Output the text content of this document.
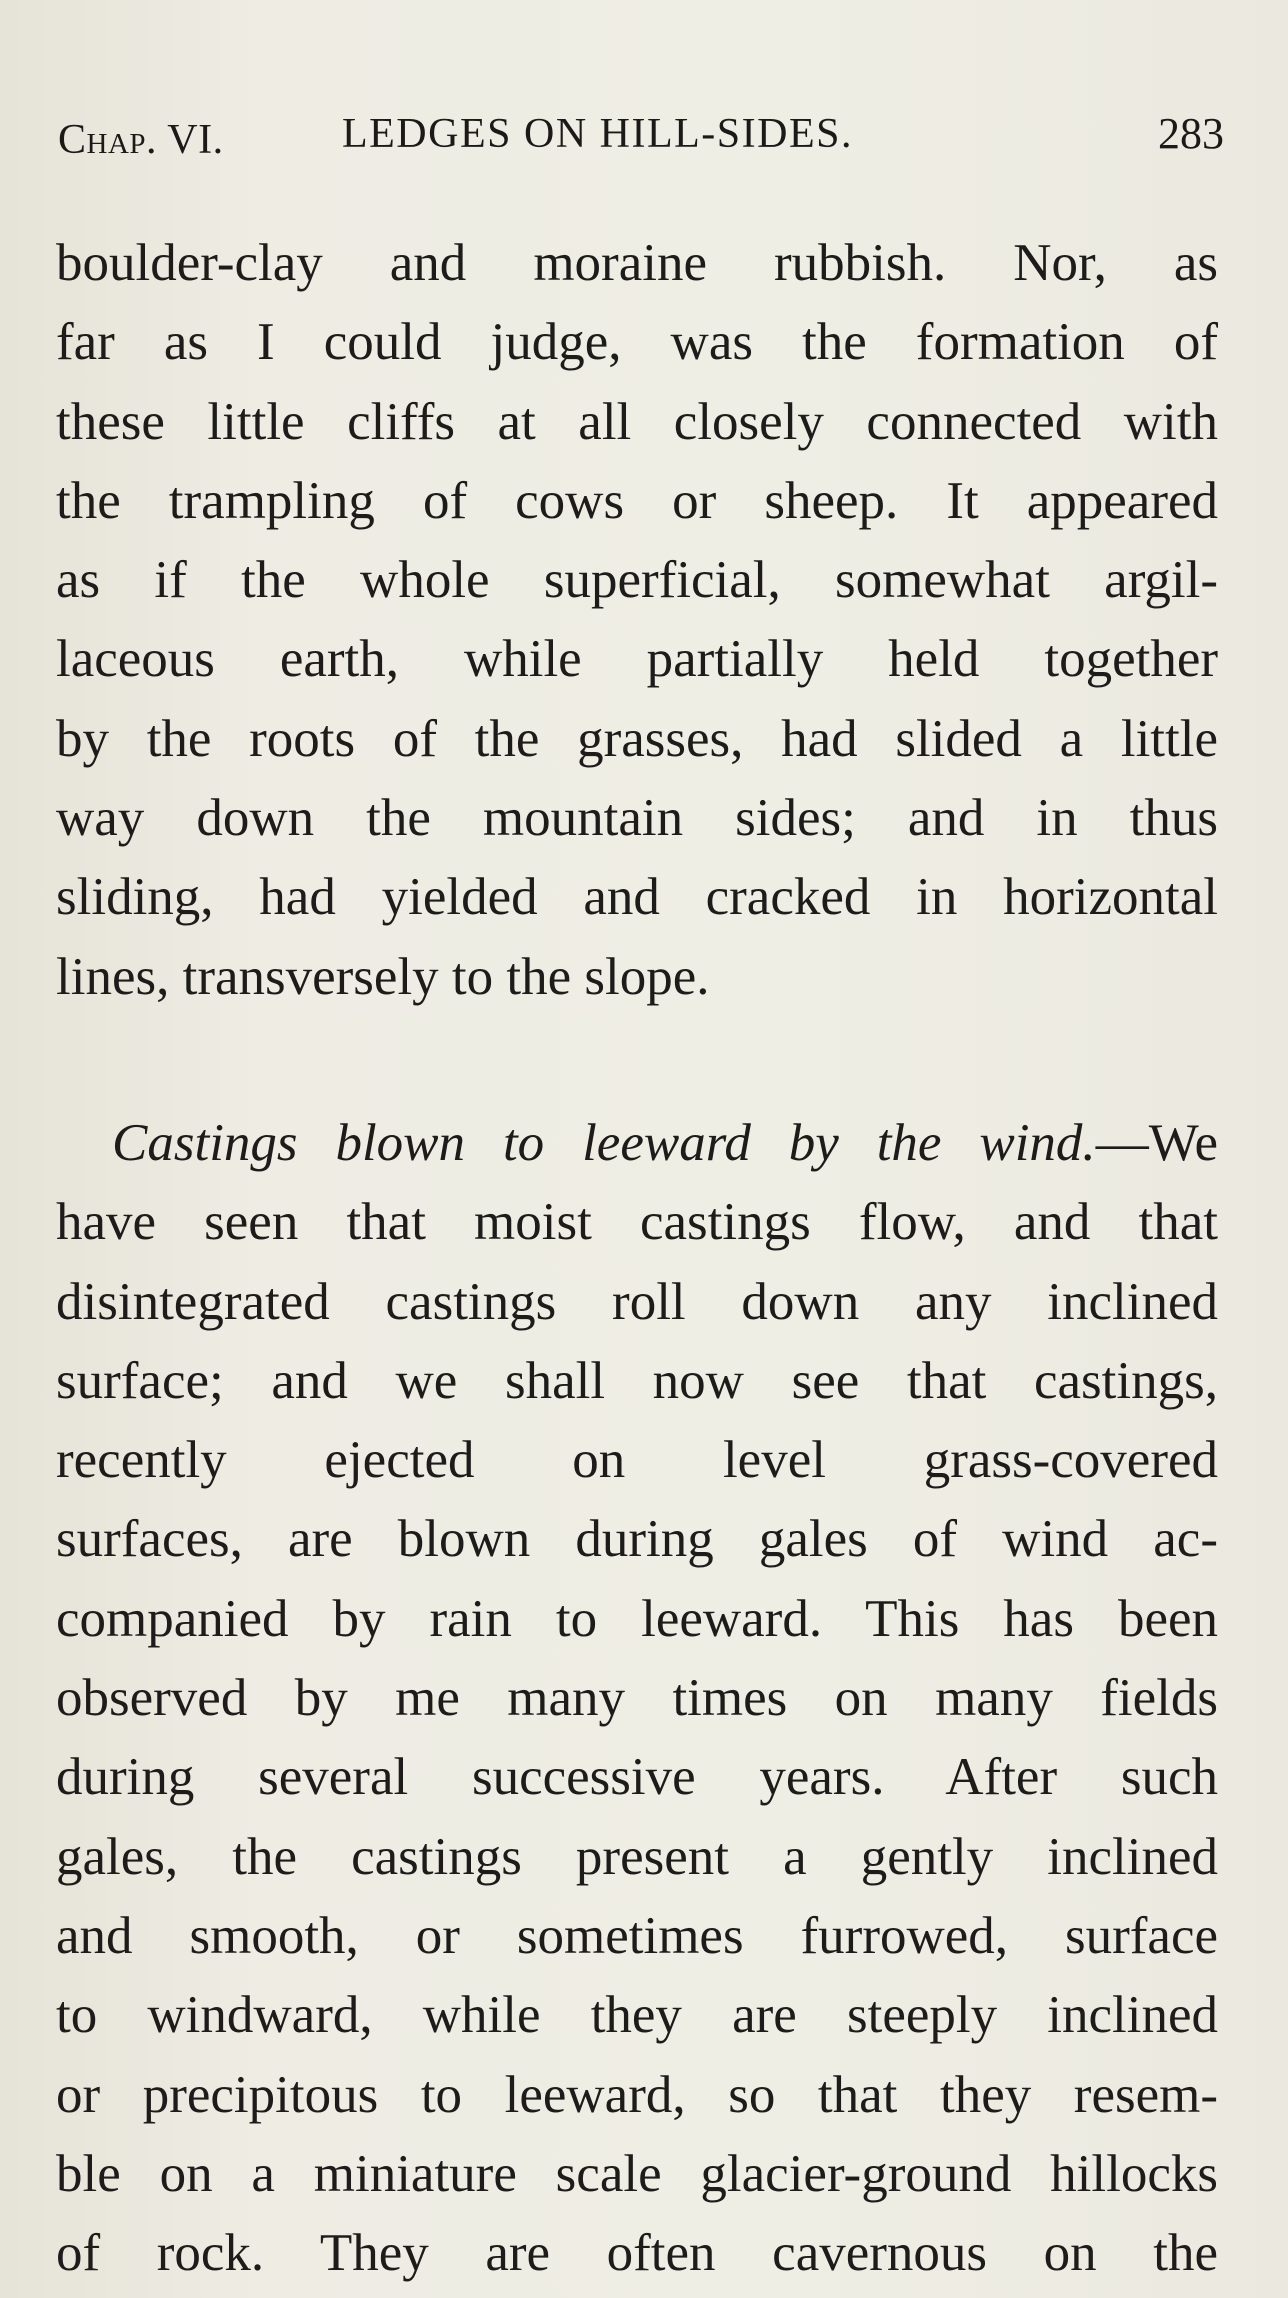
Chap. VI.	LEDGES ON HILL-SIDES.	283
boulder-clay and moraine rubbish. Nor, as
far as I could judge, was the formation of
these little cliffs at all closely connected with
the trampling of cows or sheep. It appeared
as if the whole superficial, somewhat argil-
laceous earth, while partially held together
by the roots of the grasses, had slided a little
way down the mountain sides; and in thus
sliding, had yielded and cracked in horizontal
lines, transversely to the slope.
Castings blown to leeward by the wind.—We
have seen that moist castings flow, and that
disintegrated castings roll down any inclined
surface; and we shall now see that castings,
recently ejected on level grass-covered
surfaces, are blown during gales of wind ac-
companied by rain to leeward. This has been
observed by me many times on many fields
during several successive years. After such
gales, the castings present a gently inclined
and smooth, or sometimes furrowed, surface
to windward, while they are steeply inclined
or precipitous to leeward, so that they resem-
ble on a miniature scale glacier-ground hillocks
of rock. They are often cavernous on the
